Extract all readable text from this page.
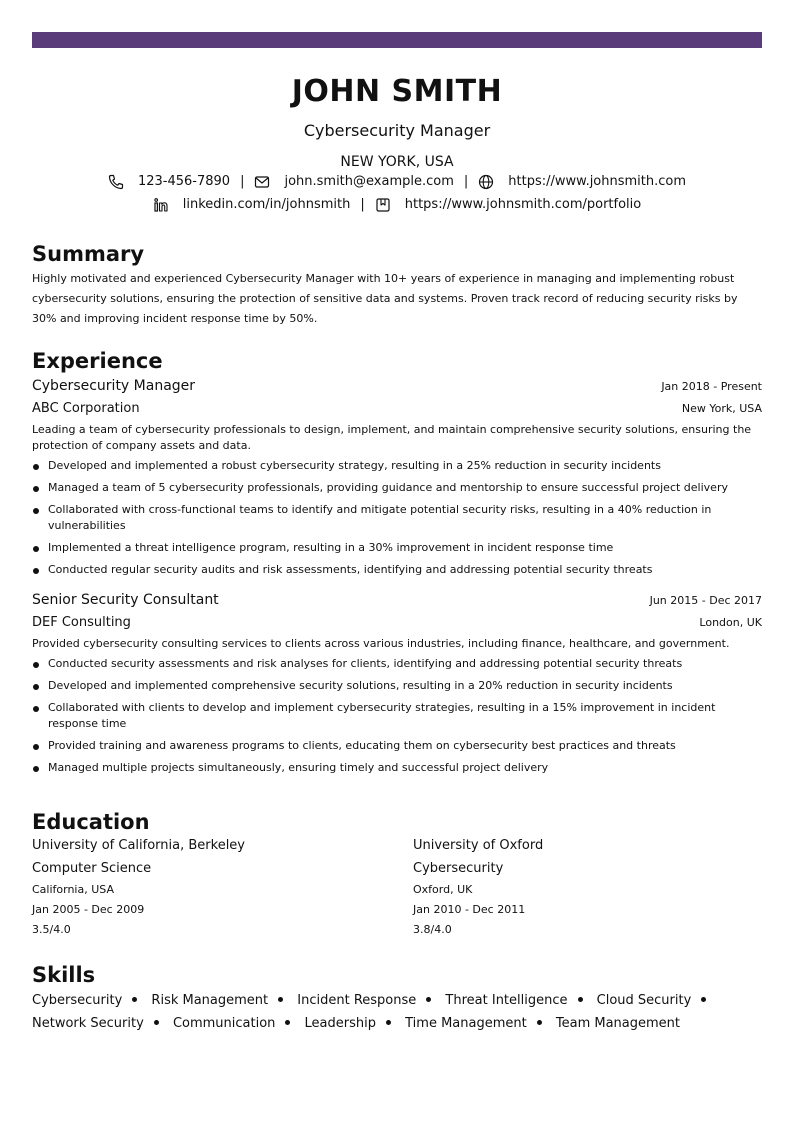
JOHN SMITH
Cybersecurity Manager
NEW YORK, USA
123-456-7890 |	john.smith@example.com |	https://www.johnsmith.com
linkedin.com/in/johnsmith |	https://www.johnsmith.com/portfolio
Summary

Highly motivated and experienced Cybersecurity Manager with 10+ years of experience in managing and implementing robust cybersecurity solutions, ensuring the protection of sensitive data and systems. Proven track record of reducing security risks by 30% and improving incident response time by 50%.

Experience
Cybersecurity Manager	Jan 2018 - Present
ABC Corporation	New York, USA
Leading a team of cybersecurity professionals to design, implement, and maintain comprehensive security solutions, ensuring the protection of company assets and data.
Developed and implemented a robust cybersecurity strategy, resulting in a 25% reduction in security incidents
Managed a team of 5 cybersecurity professionals, providing guidance and mentorship to ensure successful project delivery
Collaborated with cross-functional teams to identify and mitigate potential security risks, resulting in a 40% reduction in vulnerabilities
Implemented a threat intelligence program, resulting in a 30% improvement in incident response time
Conducted regular security audits and risk assessments, identifying and addressing potential security threats
Senior Security Consultant	Jun 2015 - Dec 2017
DEF Consulting	London, UK
Provided cybersecurity consulting services to clients across various industries, including finance, healthcare, and government.
Conducted security assessments and risk analyses for clients, identifying and addressing potential security threats
Developed and implemented comprehensive security solutions, resulting in a 20% reduction in security incidents
Collaborated with clients to develop and implement cybersecurity strategies, resulting in a 15% improvement in incident response time
Provided training and awareness programs to clients, educating them on cybersecurity best practices and threats
Managed multiple projects simultaneously, ensuring timely and successful project delivery
Education
University of California, Berkeley
Computer Science
California, USA
Jan 2005 - Dec 2009
3.5/4.0
University of Oxford
Cybersecurity
Oxford, UK
Jan 2010 - Dec 2011
3.8/4.0
Skills
Cybersecurity Risk Management Incident Response Threat Intelligence Cloud Security
Network Security Communication Leadership Time Management Team Management
